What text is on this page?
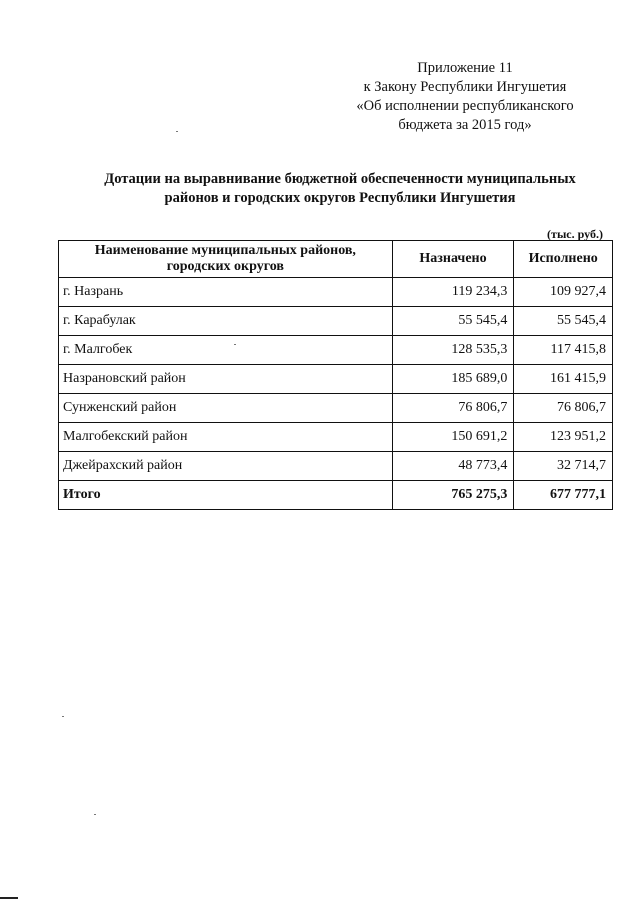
Приложение 11
к Закону Республики Ингушетия
«Об исполнении республиканского
бюджета за 2015 год»
Дотации на выравнивание бюджетной обеспеченности муниципальных
районов и городских округов Республики Ингушетия
(тыс. руб.)
Наименование муниципальных районов,
городских округов	Назначено	Исполнено
г. Назрань	119 234,3	109 927,4
г. Карабулак	55 545,4	55 545,4
г. Малгобек	128 535,3	117 415,8
Назрановский район	185 689,0	161 415,9
Сунженский район	76 806,7	76 806,7
Малгобекский район	150 691,2	123 951,2
Джейрахский район	48 773,4	32 714,7
Итого	765 275,3	677 777,1
